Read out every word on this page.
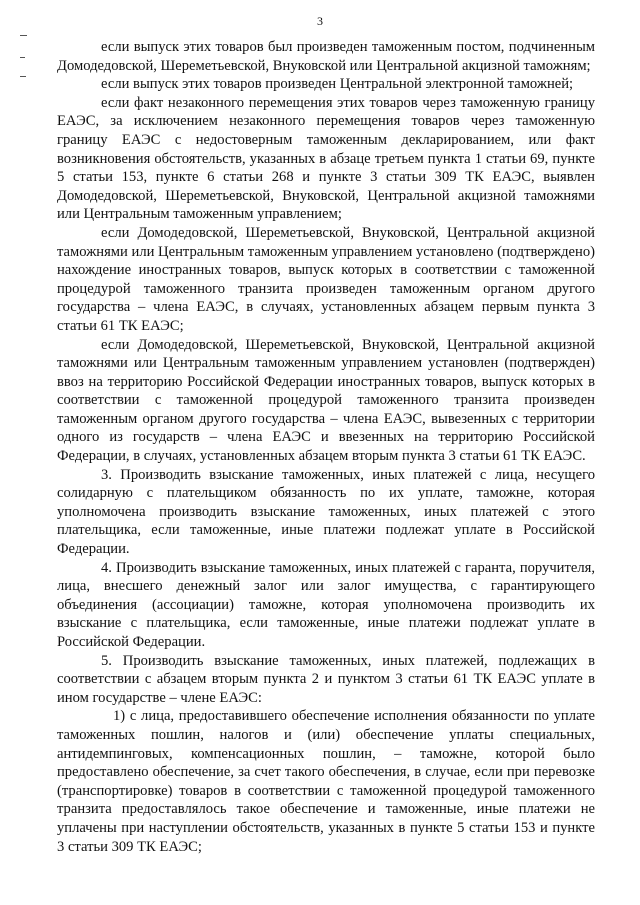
3

если выпуск этих товаров был произведен таможенным постом, подчиненным Домодедовской, Шереметьевской, Внуковской или Центральной акцизной таможням;

если выпуск этих товаров произведен Центральной электронной таможней;

если факт незаконного перемещения этих товаров через таможенную границу ЕАЭС, за исключением незаконного перемещения товаров через таможенную границу ЕАЭС с недостоверным таможенным декларированием, или факт возникновения обстоятельств, указанных в абзаце третьем пункта 1 статьи 69, пункте 5 статьи 153, пункте 6 статьи 268 и пункте 3 статьи 309 ТК ЕАЭС, выявлен Домодедовской, Шереметьевской, Внуковской, Центральной акцизной таможнями или Центральным таможенным управлением;

если Домодедовской, Шереметьевской, Внуковской, Центральной акцизной таможнями или Центральным таможенным управлением установлено (подтверждено) нахождение иностранных товаров, выпуск которых в соответствии с таможенной процедурой таможенного транзита произведен таможенным органом другого государства – члена ЕАЭС, в случаях, установленных абзацем первым пункта 3 статьи 61 ТК ЕАЭС;

если Домодедовской, Шереметьевской, Внуковской, Центральной акцизной таможнями или Центральным таможенным управлением установлен (подтвержден) ввоз на территорию Российской Федерации иностранных товаров, выпуск которых в соответствии с таможенной процедурой таможенного транзита произведен таможенным органом другого государства – члена ЕАЭС, вывезенных с территории одного из государств – члена ЕАЭС и ввезенных на территорию Российской Федерации, в случаях, установленных абзацем вторым пункта 3 статьи 61 ТК ЕАЭС.

3. Производить взыскание таможенных, иных платежей с лица, несущего солидарную с плательщиком обязанность по их уплате, таможне, которая уполномочена производить взыскание таможенных, иных платежей с этого плательщика, если таможенные, иные платежи подлежат уплате в Российской Федерации.

4. Производить взыскание таможенных, иных платежей с гаранта, поручителя, лица, внесшего денежный залог или залог имущества, с гарантирующего объединения (ассоциации) таможне, которая уполномочена производить их взыскание с плательщика, если таможенные, иные платежи подлежат уплате в Российской Федерации.

5. Производить взыскание таможенных, иных платежей, подлежащих в соответствии с абзацем вторым пункта 2 и пунктом 3 статьи 61 ТК ЕАЭС уплате в ином государстве – члене ЕАЭС:

1) с лица, предоставившего обеспечение исполнения обязанности по уплате таможенных пошлин, налогов и (или) обеспечение уплаты специальных, антидемпинговых, компенсационных пошлин, – таможне, которой было предоставлено обеспечение, за счет такого обеспечения, в случае, если при перевозке (транспортировке) товаров в соответствии с таможенной процедурой таможенного транзита предоставлялось такое обеспечение и таможенные, иные платежи не уплачены при наступлении обстоятельств, указанных в пункте 5 статьи 153 и пункте 3 статьи 309 ТК ЕАЭС;
